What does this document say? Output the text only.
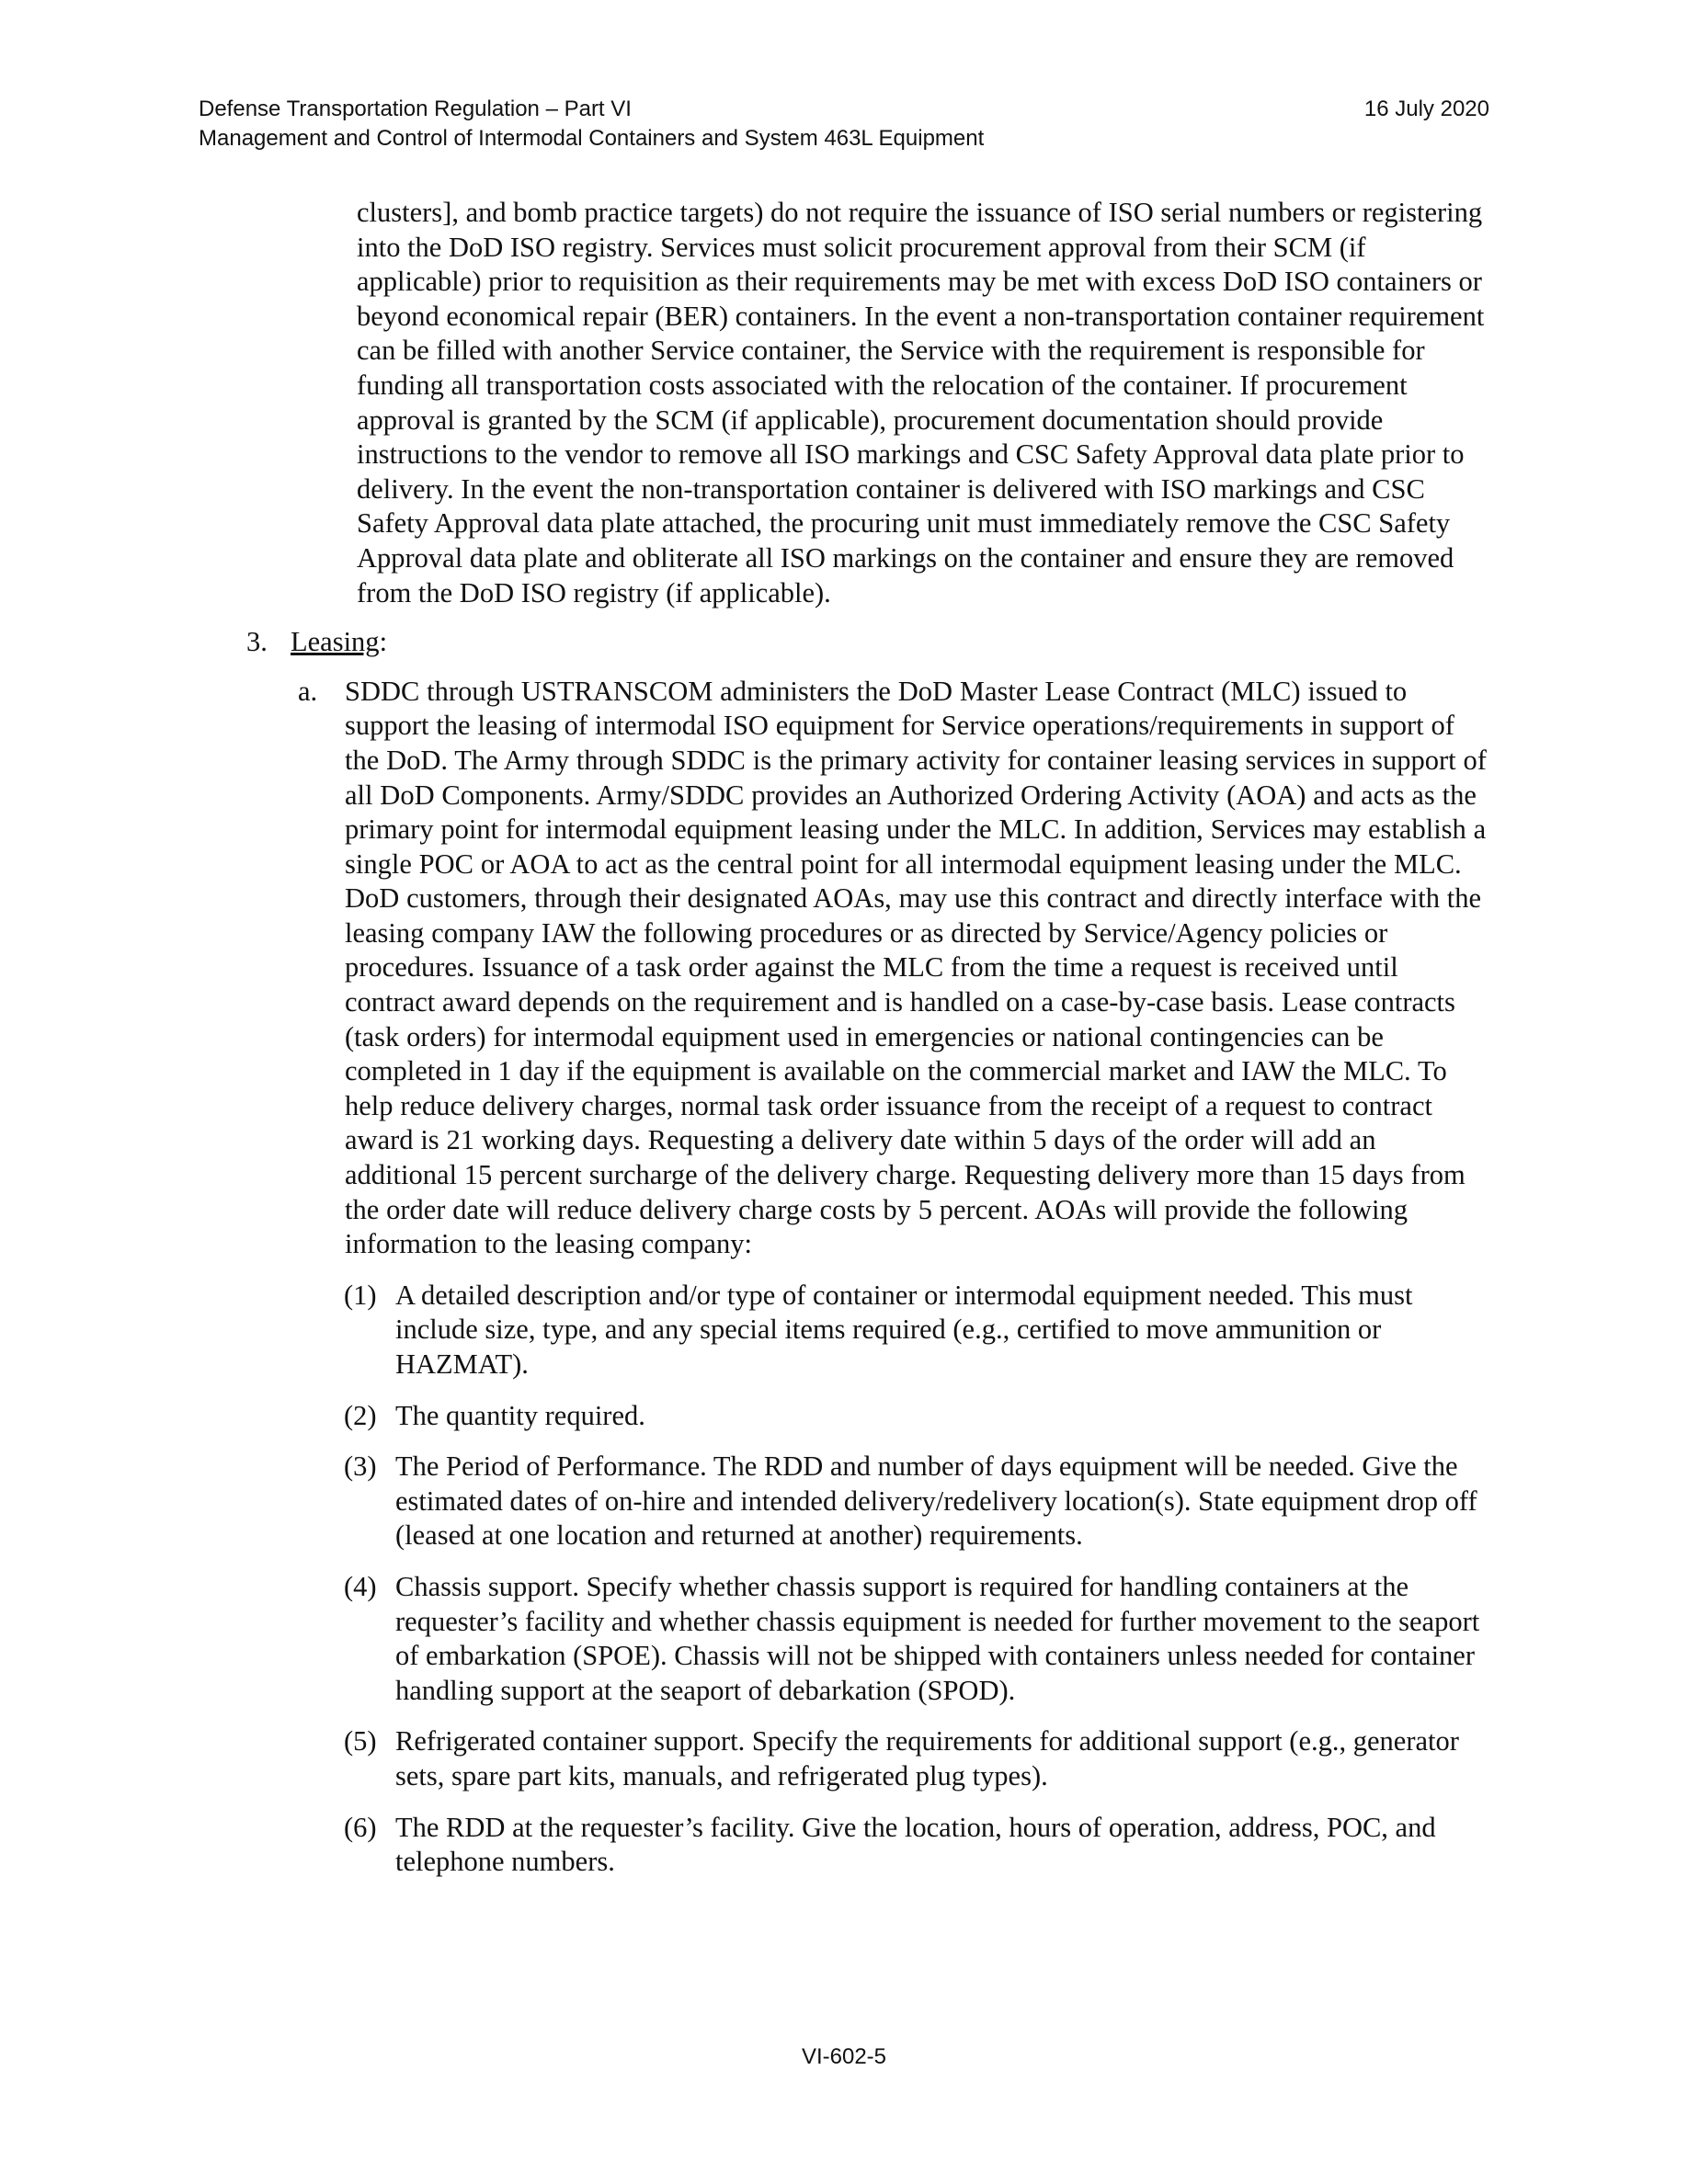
Defense Transportation Regulation – Part VI	16 July 2020
Management and Control of Intermodal Containers and System 463L Equipment

clusters], and bomb practice targets) do not require the issuance of ISO serial numbers or registering into the DoD ISO registry. Services must solicit procurement approval from their SCM (if applicable) prior to requisition as their requirements may be met with excess DoD ISO containers or beyond economical repair (BER) containers. In the event a non-transportation container requirement can be filled with another Service container, the Service with the requirement is responsible for funding all transportation costs associated with the relocation of the container. If procurement approval is granted by the SCM (if applicable), procurement documentation should provide instructions to the vendor to remove all ISO markings and CSC Safety Approval data plate prior to delivery. In the event the non-transportation container is delivered with ISO markings and CSC Safety Approval data plate attached, the procuring unit must immediately remove the CSC Safety Approval data plate and obliterate all ISO markings on the container and ensure they are removed from the DoD ISO registry (if applicable).

3. Leasing:
a. SDDC through USTRANSCOM administers the DoD Master Lease Contract (MLC) issued to support the leasing of intermodal ISO equipment for Service operations/requirements in support of the DoD. The Army through SDDC is the primary activity for container leasing services in support of all DoD Components. Army/SDDC provides an Authorized Ordering Activity (AOA) and acts as the primary point for intermodal equipment leasing under the MLC. In addition, Services may establish a single POC or AOA to act as the central point for all intermodal equipment leasing under the MLC. DoD customers, through their designated AOAs, may use this contract and directly interface with the leasing company IAW the following procedures or as directed by Service/Agency policies or procedures. Issuance of a task order against the MLC from the time a request is received until contract award depends on the requirement and is handled on a case-by-case basis. Lease contracts (task orders) for intermodal equipment used in emergencies or national contingencies can be completed in 1 day if the equipment is available on the commercial market and IAW the MLC. To help reduce delivery charges, normal task order issuance from the receipt of a request to contract award is 21 working days. Requesting a delivery date within 5 days of the order will add an additional 15 percent surcharge of the delivery charge. Requesting delivery more than 15 days from the order date will reduce delivery charge costs by 5 percent. AOAs will provide the following information to the leasing company:
(1) A detailed description and/or type of container or intermodal equipment needed. This must include size, type, and any special items required (e.g., certified to move ammunition or HAZMAT).
(2) The quantity required.
(3) The Period of Performance. The RDD and number of days equipment will be needed. Give the estimated dates of on-hire and intended delivery/redelivery location(s). State equipment drop off (leased at one location and returned at another) requirements.
(4) Chassis support. Specify whether chassis support is required for handling containers at the requester’s facility and whether chassis equipment is needed for further movement to the seaport of embarkation (SPOE). Chassis will not be shipped with containers unless needed for container handling support at the seaport of debarkation (SPOD).
(5) Refrigerated container support. Specify the requirements for additional support (e.g., generator sets, spare part kits, manuals, and refrigerated plug types).
(6) The RDD at the requester’s facility. Give the location, hours of operation, address, POC, and telephone numbers.
VI-602-5
